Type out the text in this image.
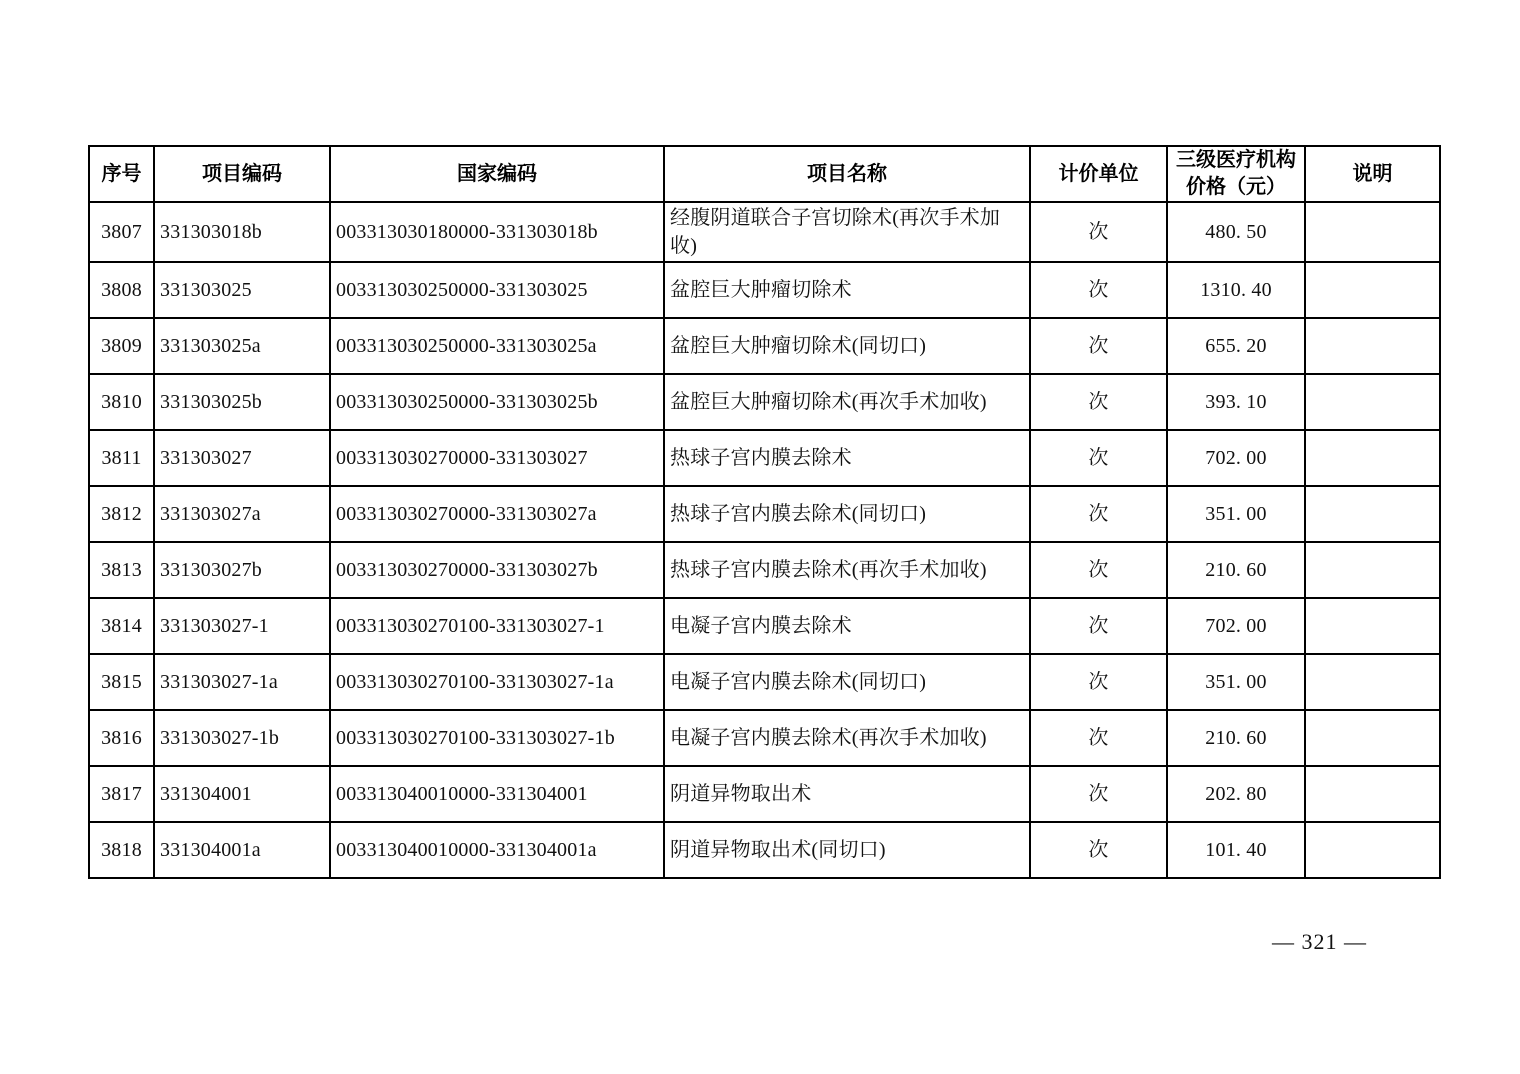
序号	项目编码	国家编码	项目名称	计价单位	三级医疗机构价格（元）	说明
3807	331303018b	003313030180000-331303018b	经腹阴道联合子宫切除术(再次手术加收)	次	480. 50	
3808	331303025	003313030250000-331303025	盆腔巨大肿瘤切除术	次	1310. 40	
3809	331303025a	003313030250000-331303025a	盆腔巨大肿瘤切除术(同切口)	次	655. 20	
3810	331303025b	003313030250000-331303025b	盆腔巨大肿瘤切除术(再次手术加收)	次	393. 10	
3811	331303027	003313030270000-331303027	热球子宫内膜去除术	次	702. 00	
3812	331303027a	003313030270000-331303027a	热球子宫内膜去除术(同切口)	次	351. 00	
3813	331303027b	003313030270000-331303027b	热球子宫内膜去除术(再次手术加收)	次	210. 60	
3814	331303027-1	003313030270100-331303027-1	电凝子宫内膜去除术	次	702. 00	
3815	331303027-1a	003313030270100-331303027-1a	电凝子宫内膜去除术(同切口)	次	351. 00	
3816	331303027-1b	003313030270100-331303027-1b	电凝子宫内膜去除术(再次手术加收)	次	210. 60	
3817	331304001	003313040010000-331304001	阴道异物取出术	次	202. 80	
3818	331304001a	003313040010000-331304001a	阴道异物取出术(同切口)	次	101. 40	
— 321 —
